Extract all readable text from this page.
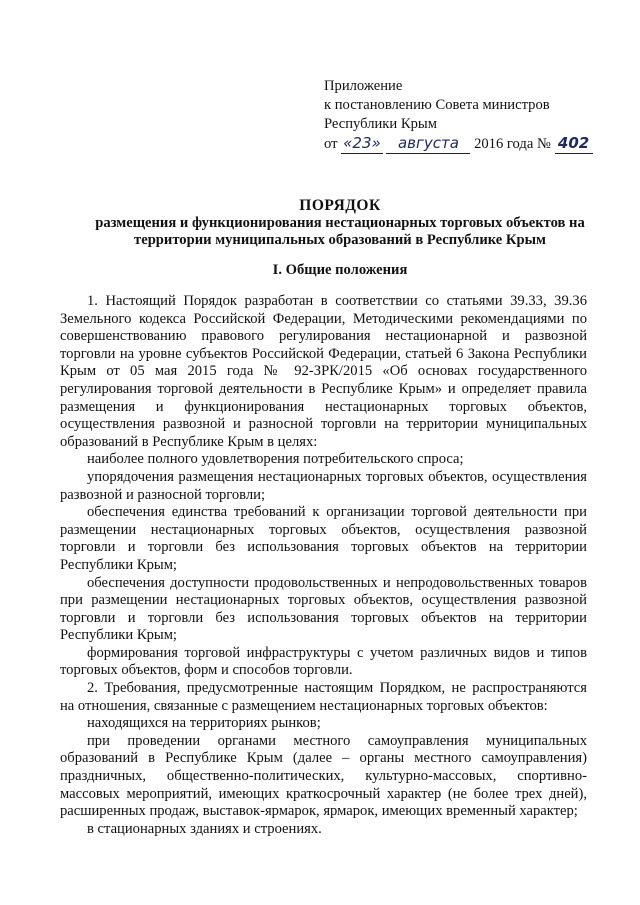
Приложение
к постановлению Совета министров
Республики Крым
от «23» августа 2016 года № 402
ПОРЯДОК
размещения и функционирования нестационарных торговых объектов на территории муниципальных образований в Республике Крым
I. Общие положения

1. Настоящий Порядок разработан в соответствии со статьями 39.33, 39.36 Земельного кодекса Российской Федерации, Методическими рекомендациями по совершенствованию правового регулирования нестационарной и развозной торговли на уровне субъектов Российской Федерации, статьей 6 Закона Республики Крым от 05 мая 2015 года № 92-ЗРК/2015 «Об основах государственного регулирования торговой деятельности в Республике Крым» и определяет правила размещения и функционирования нестационарных торговых объектов, осуществления развозной и разносной торговли на территории муниципальных образований в Республике Крым в целях:

наиболее полного удовлетворения потребительского спроса;

упорядочения размещения нестационарных торговых объектов, осуществления развозной и разносной торговли;

обеспечения единства требований к организации торговой деятельности при размещении нестационарных торговых объектов, осуществления развозной торговли и торговли без использования торговых объектов на территории Республики Крым;

обеспечения доступности продовольственных и непродовольственных товаров при размещении нестационарных торговых объектов, осуществления развозной торговли и торговли без использования торговых объектов на территории Республики Крым;

формирования торговой инфраструктуры с учетом различных видов и типов торговых объектов, форм и способов торговли.

2. Требования, предусмотренные настоящим Порядком, не распространяются на отношения, связанные с размещением нестационарных торговых объектов:

находящихся на территориях рынков;

при проведении органами местного самоуправления муниципальных образований в Республике Крым (далее – органы местного самоуправления) праздничных, общественно-политических, культурно-массовых, спортивно-массовых мероприятий, имеющих краткосрочный характер (не более трех дней), расширенных продаж, выставок-ярмарок, ярмарок, имеющих временный характер;

в стационарных зданиях и строениях.
